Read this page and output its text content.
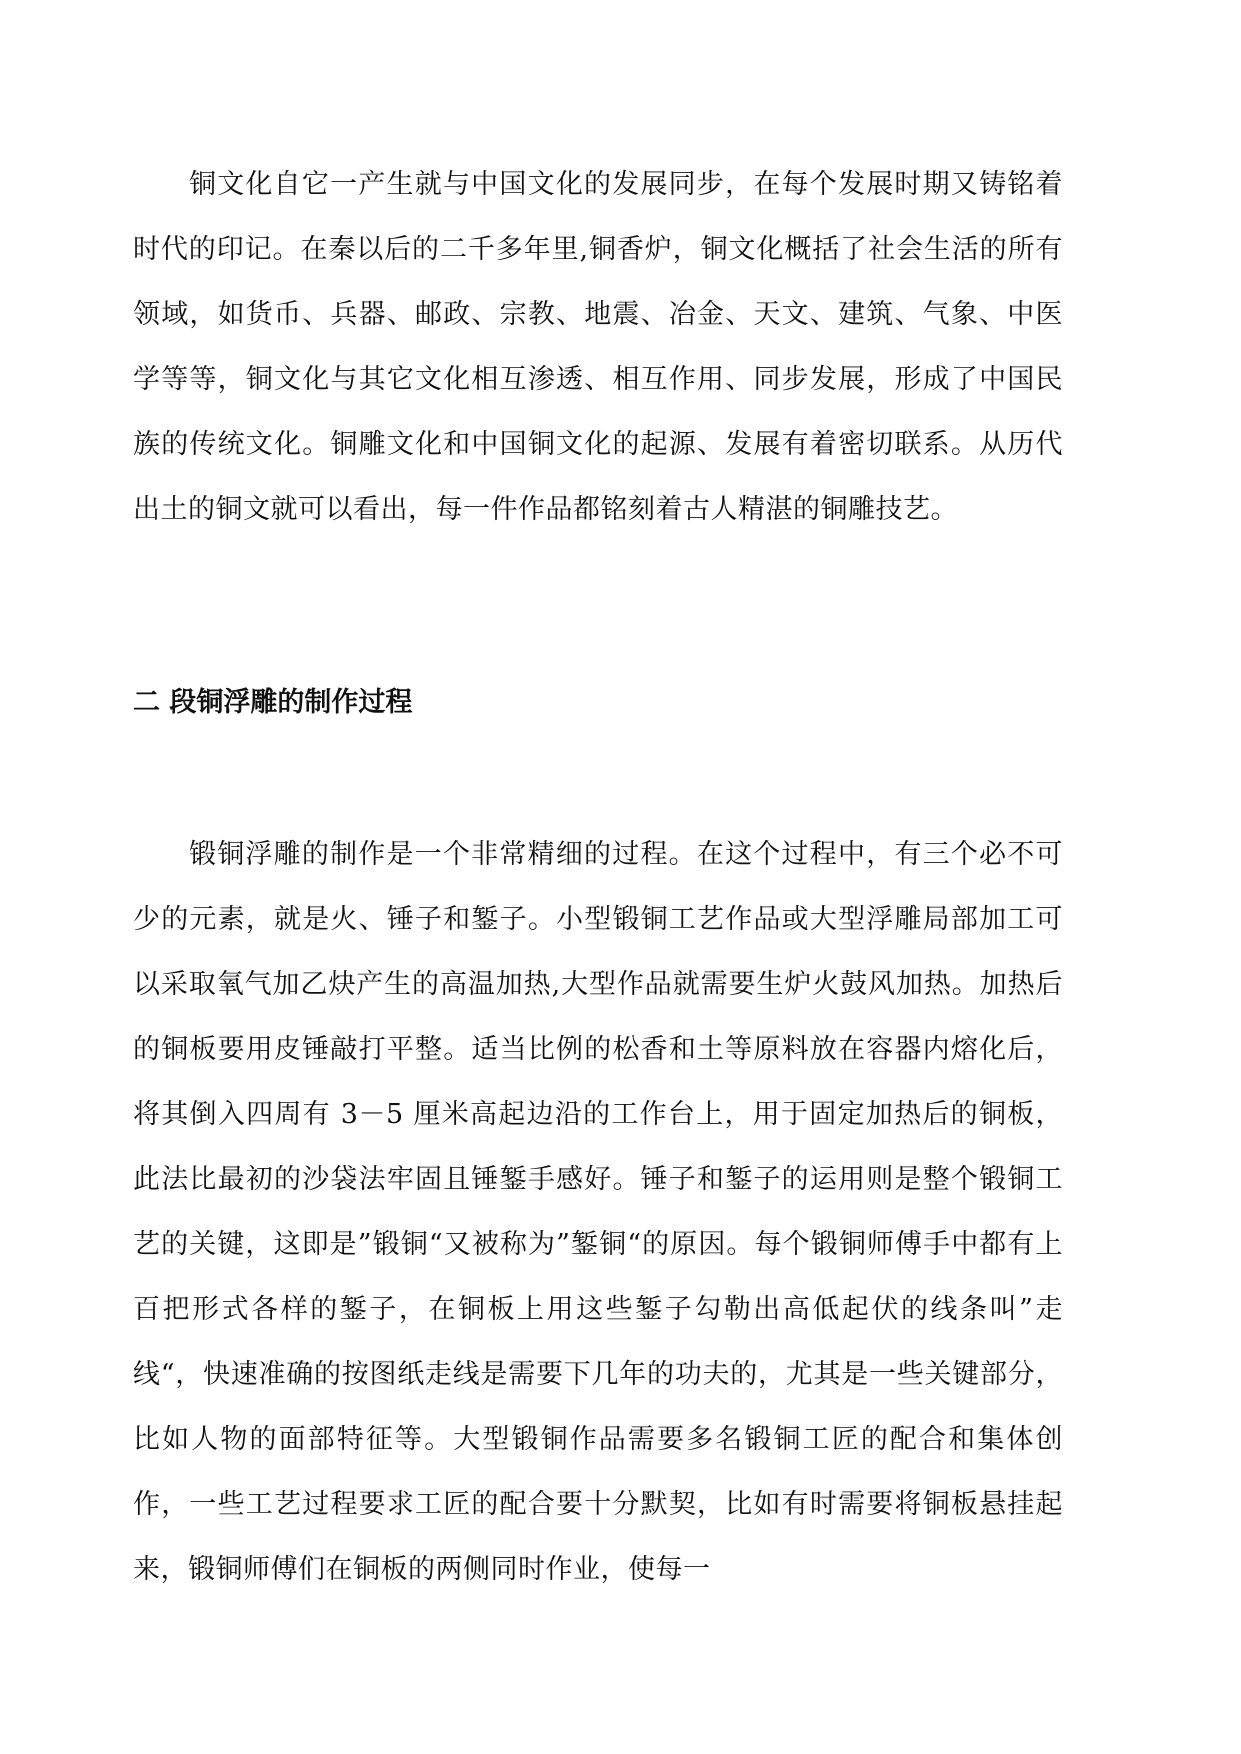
铜文化自它一产生就与中国文化的发展同步，在每个发展时期又铸铭着时代的印记。在秦以后的二千多年里,铜香炉，铜文化概括了社会生活的所有领域，如货币、兵器、邮政、宗教、地震、冶金、天文、建筑、气象、中医学等等，铜文化与其它文化相互渗透、相互作用、同步发展，形成了中国民族的传统文化。铜雕文化和中国铜文化的起源、发展有着密切联系。从历代出土的铜文就可以看出，每一件作品都铭刻着古人精湛的铜雕技艺。

二 段铜浮雕的制作过程

锻铜浮雕的制作是一个非常精细的过程。在这个过程中，有三个必不可少的元素，就是火、锤子和錾子。小型锻铜工艺作品或大型浮雕局部加工可以采取氧气加乙炔产生的高温加热,大型作品就需要生炉火鼓风加热。加热后的铜板要用皮锤敲打平整。适当比例的松香和土等原料放在容器内熔化后，将其倒入四周有 3－5 厘米高起边沿的工作台上，用于固定加热后的铜板，此法比最初的沙袋法牢固且锤錾手感好。锤子和錾子的运用则是整个锻铜工艺的关键，这即是”锻铜“又被称为”錾铜“的原因。每个锻铜师傅手中都有上百把形式各样的錾子，在铜板上用这些錾子勾勒出高低起伏的线条叫”走线“，快速准确的按图纸走线是需要下几年的功夫的，尤其是一些关键部分，比如人物的面部特征等。大型锻铜作品需要多名锻铜工匠的配合和集体创作，一些工艺过程要求工匠的配合要十分默契，比如有时需要将铜板悬挂起来，锻铜师傅们在铜板的两侧同时作业，使每一
